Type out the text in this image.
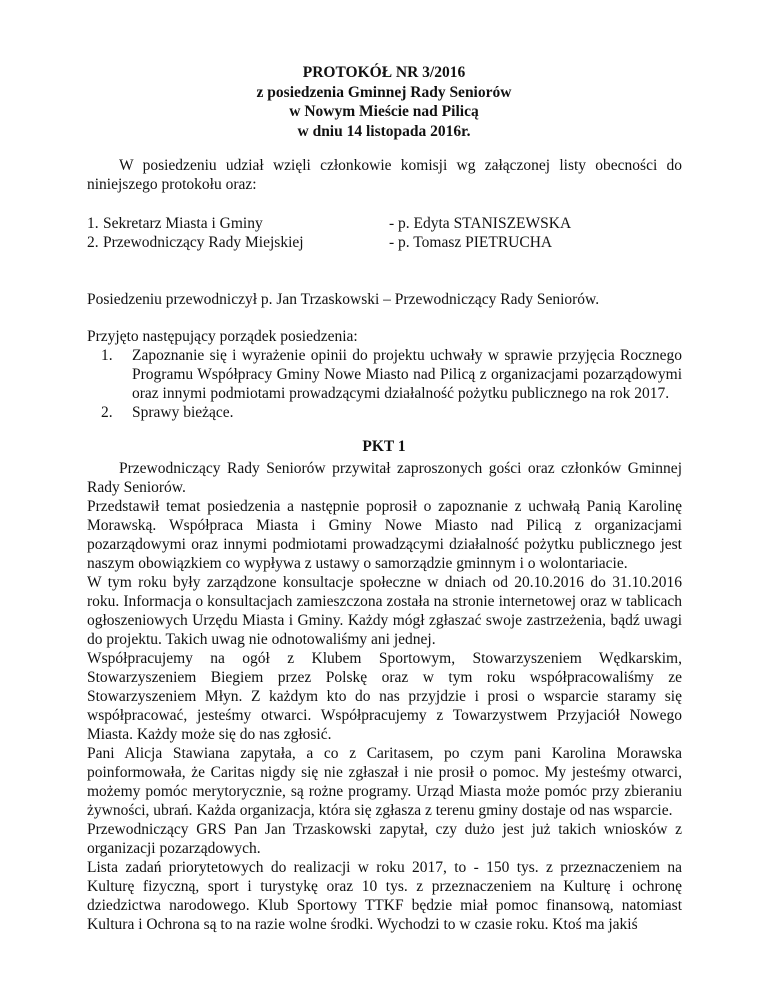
PROTOKÓŁ NR 3/2016
z posiedzenia Gminnej Rady Seniorów
w Nowym Mieście nad Pilicą
w dniu 14 listopada 2016r.

W posiedzeniu udział wzięli członkowie komisji wg załączonej listy obecności do niniejszego protokołu oraz:

1. Sekretarz Miasta i Gminy	- p. Edyta STANISZEWSKA
2. Przewodniczący Rady Miejskiej	- p. Tomasz PIETRUCHA

Posiedzeniu przewodniczył p. Jan Trzaskowski – Przewodniczący Rady Seniorów.

Przyjęto następujący porządek posiedzenia:

1. Zapoznanie się i wyrażenie opinii do projektu uchwały w sprawie przyjęcia Rocznego Programu Współpracy Gminy Nowe Miasto nad Pilicą z organizacjami pozarządowymi oraz innymi podmiotami prowadzącymi działalność pożytku publicznego na rok 2017.
2. Sprawy bieżące.
PKT 1

Przewodniczący Rady Seniorów przywitał zaproszonych gości oraz członków Gminnej Rady Seniorów.

Przedstawił temat posiedzenia a następnie poprosił o zapoznanie z uchwałą Panią Karolinę Morawską. Współpraca Miasta i Gminy Nowe Miasto nad Pilicą z organizacjami pozarządowymi oraz innymi podmiotami prowadzącymi działalność pożytku publicznego jest naszym obowiązkiem co wypływa z ustawy o samorządzie gminnym i o wolontariacie.

W tym roku były zarządzone konsultacje społeczne w dniach od 20.10.2016 do 31.10.2016 roku. Informacja o konsultacjach zamieszczona została na stronie internetowej oraz w tablicach ogłoszeniowych Urzędu Miasta i Gminy. Każdy mógł zgłaszać swoje zastrzeżenia, bądź uwagi do projektu. Takich uwag nie odnotowaliśmy ani jednej.

Współpracujemy na ogół z Klubem Sportowym, Stowarzyszeniem Wędkarskim, Stowarzyszeniem Biegiem przez Polskę oraz w tym roku współpracowaliśmy ze Stowarzyszeniem Młyn. Z każdym kto do nas przyjdzie i prosi o wsparcie staramy się współpracować, jesteśmy otwarci. Współpracujemy z Towarzystwem Przyjaciół Nowego Miasta. Każdy może się do nas zgłosić.

Pani Alicja Stawiana zapytała, a co z Caritasem, po czym pani Karolina Morawska poinformowała, że Caritas nigdy się nie zgłaszał i nie prosił o pomoc. My jesteśmy otwarci, możemy pomóc merytorycznie, są rożne programy. Urząd Miasta może pomóc przy zbieraniu żywności, ubrań. Każda organizacja, która się zgłasza z terenu gminy dostaje od nas wsparcie.

Przewodniczący GRS Pan Jan Trzaskowski zapytał, czy dużo jest już takich wniosków z organizacji pozarządowych.

Lista zadań priorytetowych do realizacji w roku 2017, to - 150 tys. z przeznaczeniem na Kulturę fizyczną, sport i turystykę oraz 10 tys. z przeznaczeniem na Kulturę i ochronę dziedzictwa narodowego. Klub Sportowy TTKF będzie miał pomoc finansową, natomiast Kultura i Ochrona są to na razie wolne środki. Wychodzi to w czasie roku. Ktoś ma jakiś
